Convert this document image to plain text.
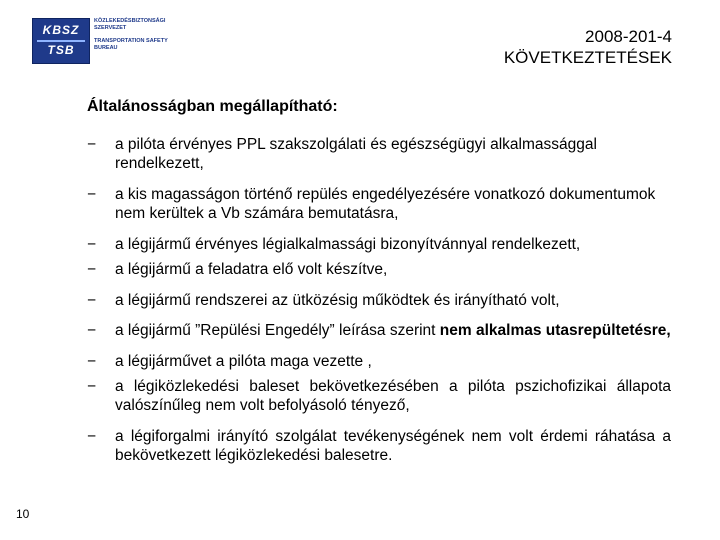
KBSZ
TSB
KÖZLEKEDÉSBIZTONSÁGI
SZERVEZET
TRANSPORTATION SAFETY
BUREAU
2008-201-4
KÖVETKEZTETÉSEK
Általánosságban megállapítható:
− a pilóta érvényes PPL szakszolgálati és egészségügyi alkalmassággal rendelkezett,
− a kis magasságon történő repülés engedélyezésére vonatkozó dokumentumok nem kerültek a Vb számára bemutatásra,
− a légijármű érvényes légialkalmassági bizonyítvánnyal rendelkezett,
− a légijármű a feladatra elő volt készítve,
− a légijármű rendszerei az ütközésig működtek és irányítható volt,
− a légijármű ”Repülési Engedély” leírása szerint nem alkalmas utasrepültetésre,
− a légijárművet a pilóta maga vezette ,
− a légiközlekedési baleset bekövetkezésében a pilóta pszichofizikai állapota valószínűleg nem volt befolyásoló tényező,
− a légiforgalmi irányító szolgálat tevékenységének nem volt érdemi ráhatása a bekövetkezett légiközlekedési balesetre.
10
